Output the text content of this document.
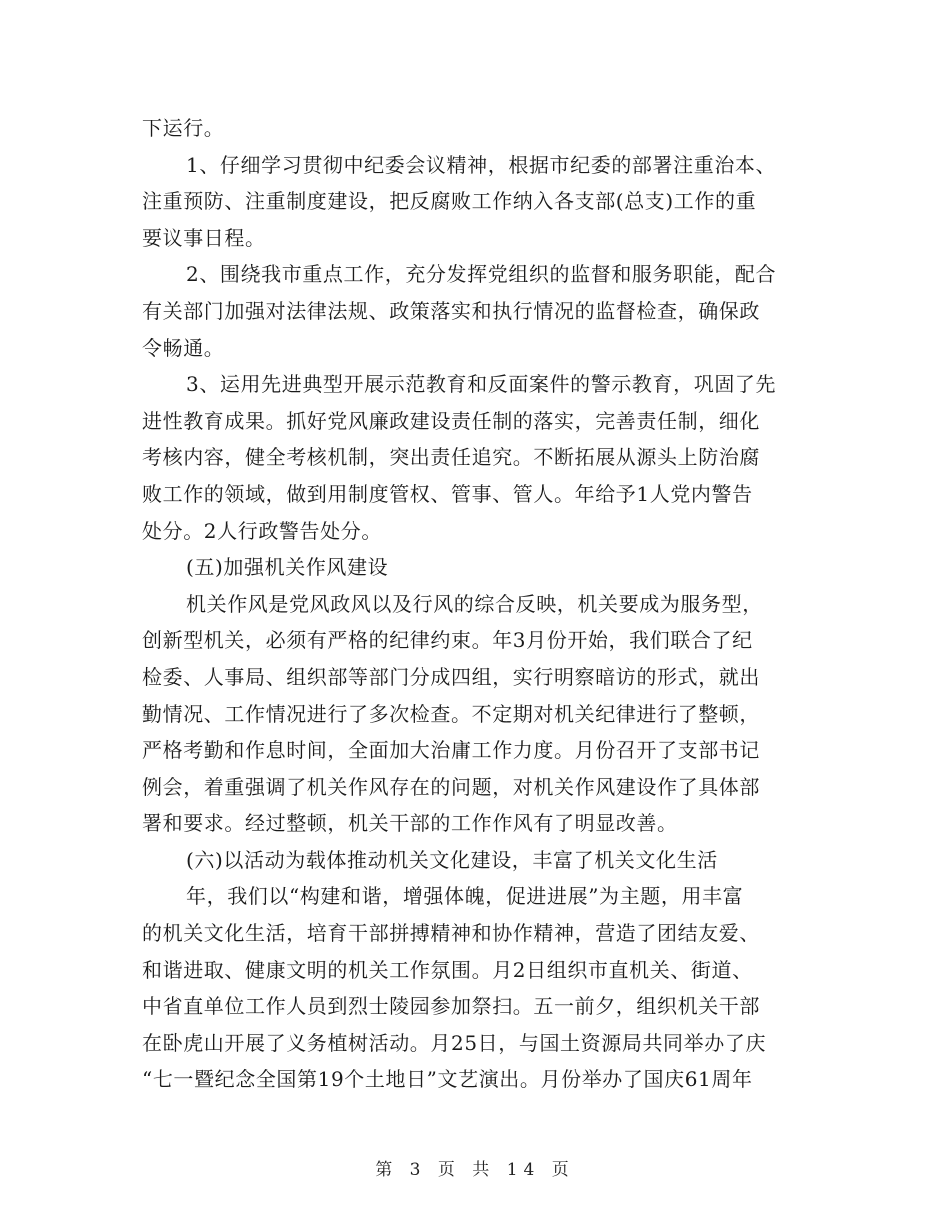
下运行。
1、仔细学习贯彻中纪委会议精神，根据市纪委的部署注重治本、
注重预防、注重制度建设，把反腐败工作纳入各支部(总支)工作的重
要议事日程。
2、围绕我市重点工作，充分发挥党组织的监督和服务职能，配合
有关部门加强对法律法规、政策落实和执行情况的监督检查，确保政
令畅通。
3、运用先进典型开展示范教育和反面案件的警示教育，巩固了先
进性教育成果。抓好党风廉政建设责任制的落实，完善责任制，细化
考核内容，健全考核机制，突出责任追究。不断拓展从源头上防治腐
败工作的领域，做到用制度管权、管事、管人。年给予1人党内警告
处分。2人行政警告处分。
(五)加强机关作风建设
机关作风是党风政风以及行风的综合反映，机关要成为服务型，
创新型机关，必须有严格的纪律约束。年3月份开始，我们联合了纪
检委、人事局、组织部等部门分成四组，实行明察暗访的形式，就出
勤情况、工作情况进行了多次检查。不定期对机关纪律进行了整顿，
严格考勤和作息时间，全面加大治庸工作力度。月份召开了支部书记
例会，着重强调了机关作风存在的问题，对机关作风建设作了具体部
署和要求。经过整顿，机关干部的工作作风有了明显改善。
(六)以活动为载体推动机关文化建设，丰富了机关文化生活
年，我们以“构建和谐，增强体魄，促进进展”为主题，用丰富
的机关文化生活，培育干部拼搏精神和协作精神，营造了团结友爱、
和谐进取、健康文明的机关工作氛围。月2日组织市直机关、街道、
中省直单位工作人员到烈士陵园参加祭扫。五一前夕，组织机关干部
在卧虎山开展了义务植树活动。月25日，与国土资源局共同举办了庆
“七一暨纪念全国第19个土地日”文艺演出。月份举办了国庆61周年
第 3 页 共 14 页
